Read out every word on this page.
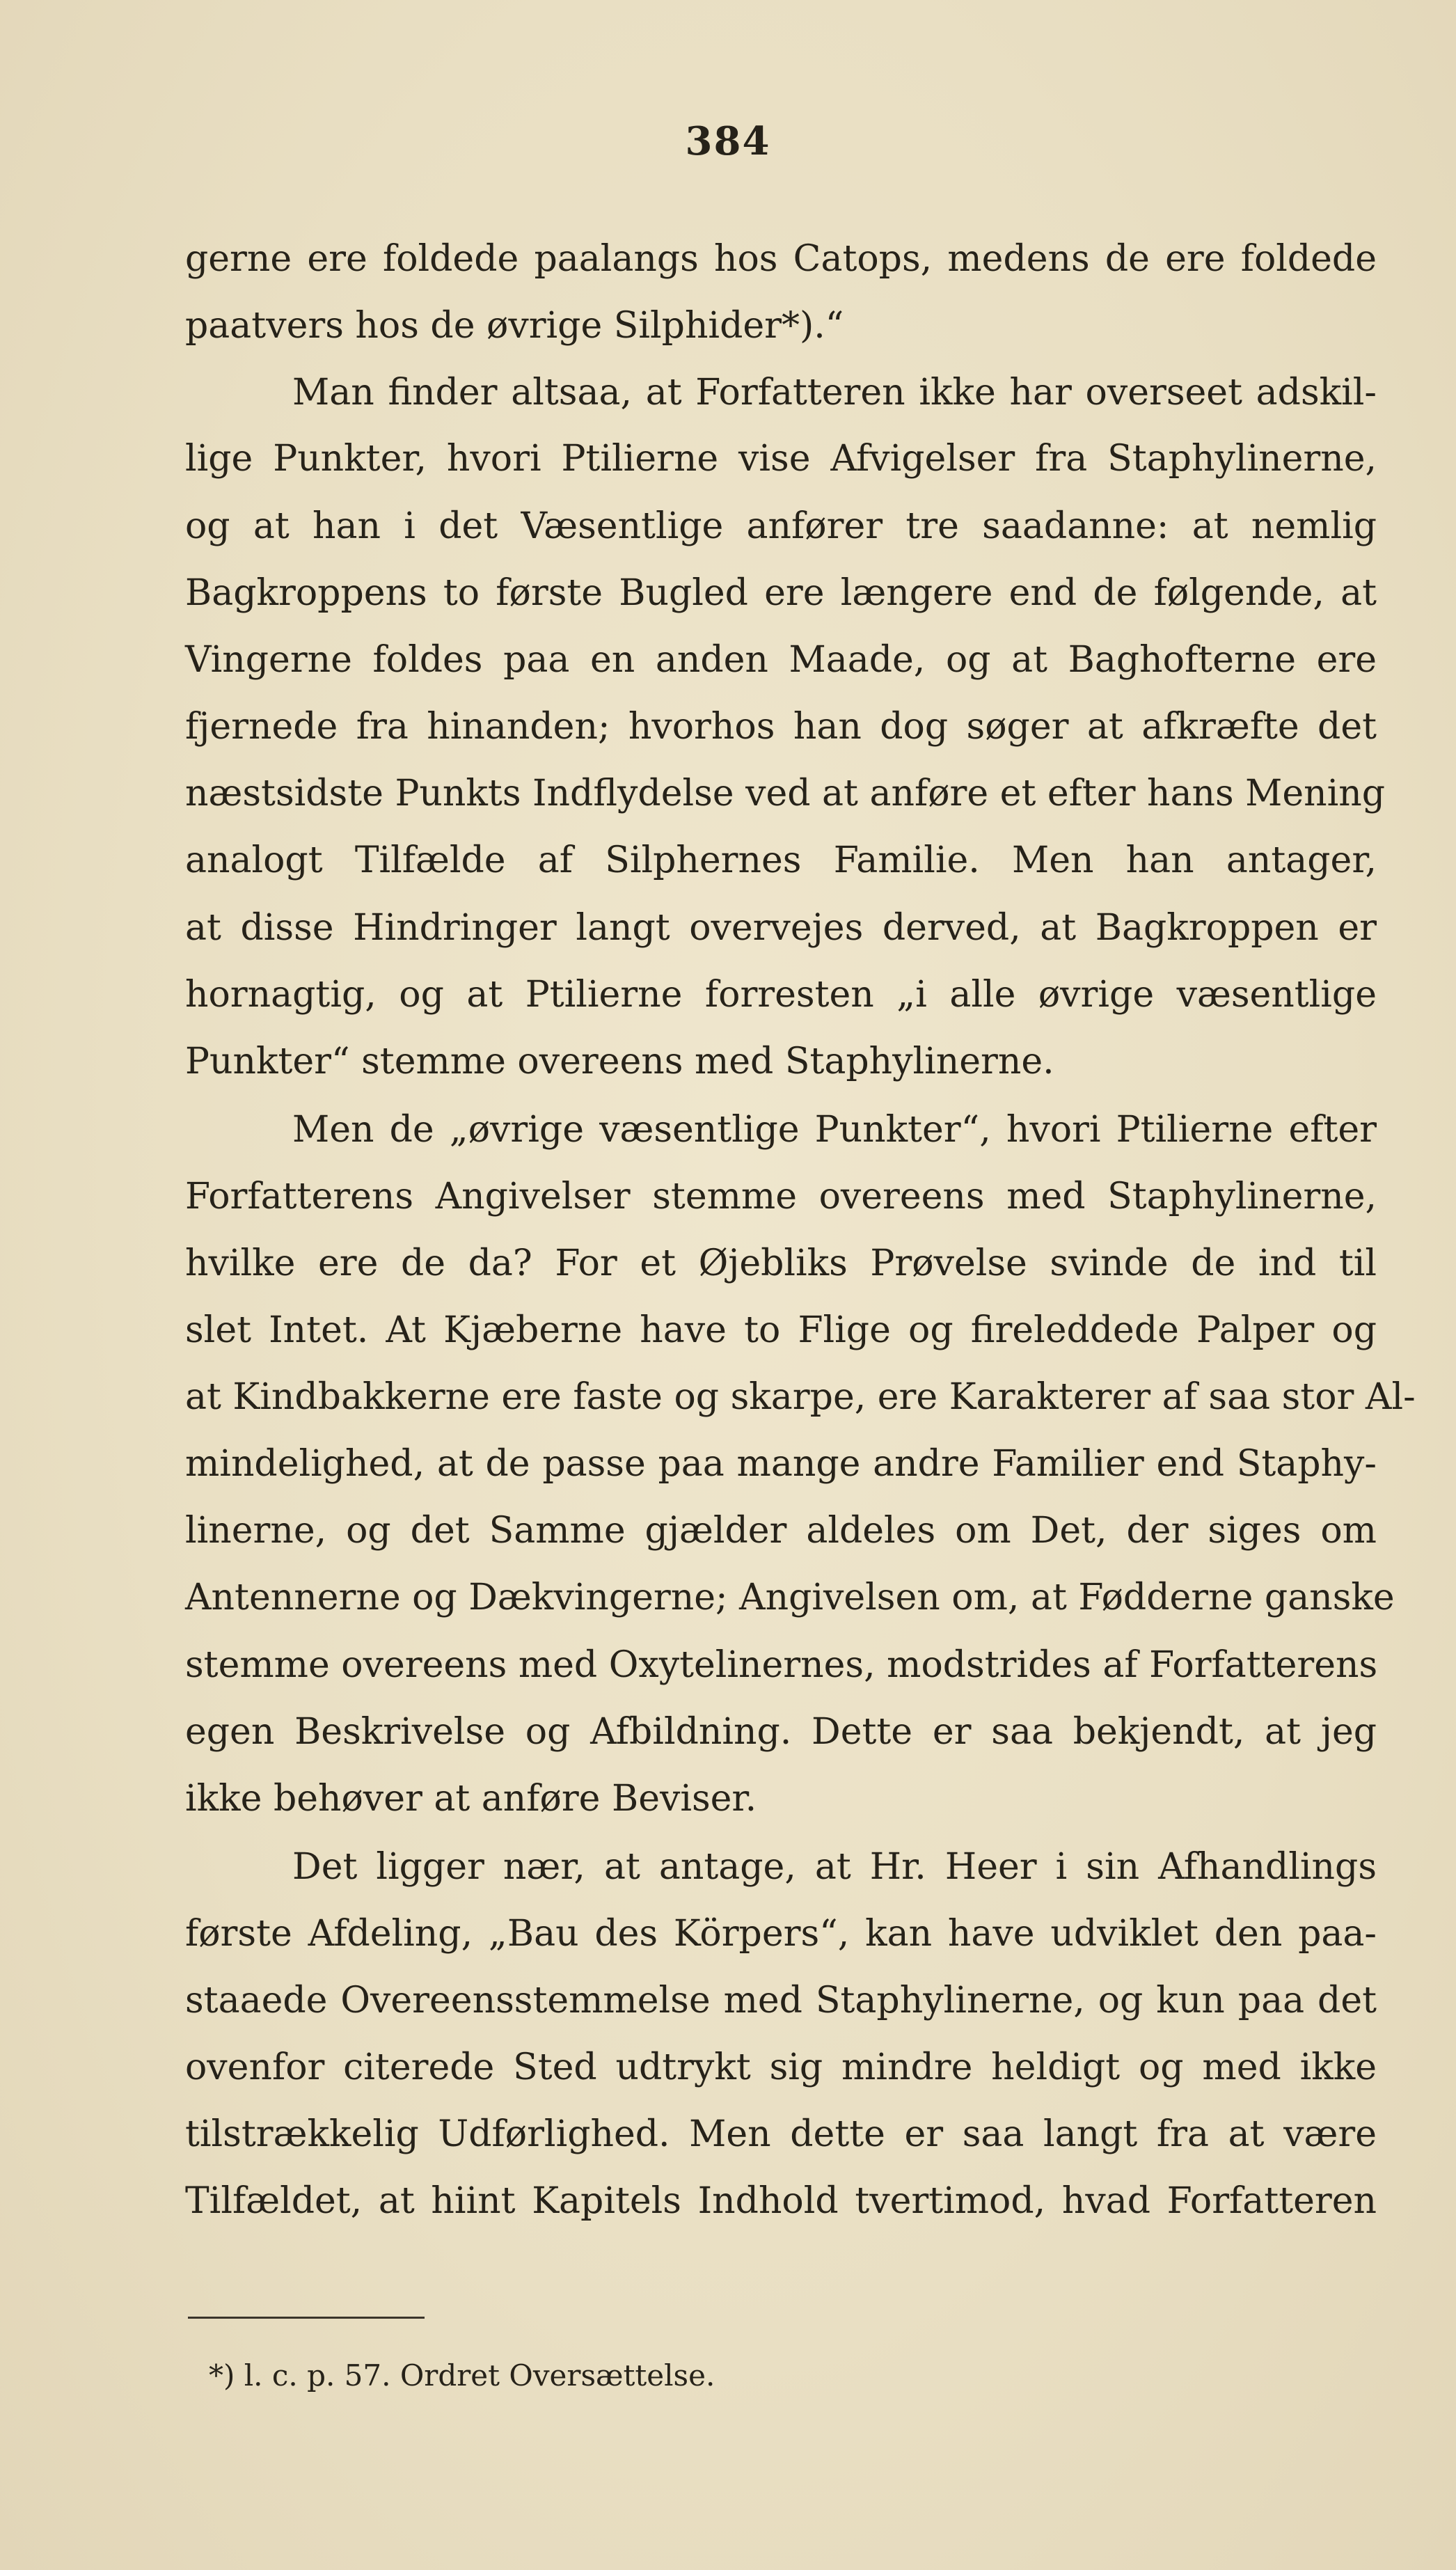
384
gerne ere foldede paalangs hos Catops, medens de ere foldede
paatvers hos de øvrige Silphider*).“
Man finder altsaa, at Forfatteren ikke har overseet adskil-
lige Punkter, hvori Ptilierne vise Afvigelser fra Staphylinerne,
og at han i det Væsentlige anfører tre saadanne: at nemlig
Bagkroppens to første Bugled ere længere end de følgende, at
Vingerne foldes paa en anden Maade, og at Baghofterne ere
fjernede fra hinanden; hvorhos han dog søger at afkræfte det
næstsidste Punkts Indflydelse ved at anføre et efter hans Mening
analogt Tilfælde af Silphernes Familie. Men han antager,
at disse Hindringer langt overvejes derved, at Bagkroppen er
hornagtig, og at Ptilierne forresten „i alle øvrige væsentlige
Punkter“ stemme overeens med Staphylinerne.
Men de „øvrige væsentlige Punkter“, hvori Ptilierne efter
Forfatterens Angivelser stemme overeens med Staphylinerne,
hvilke ere de da? For et Øjebliks Prøvelse svinde de ind til
slet Intet. At Kjæberne have to Flige og fireleddede Palper og
at Kindbakkerne ere faste og skarpe, ere Karakterer af saa stor Al-
mindelighed, at de passe paa mange andre Familier end Staphy-
linerne, og det Samme gjælder aldeles om Det, der siges om
Antennerne og Dækvingerne; Angivelsen om, at Fødderne ganske
stemme overeens med Oxytelinernes, modstrides af Forfatterens
egen Beskrivelse og Afbildning. Dette er saa bekjendt, at jeg
ikke behøver at anføre Beviser.
Det ligger nær, at antage, at Hr. Heer i sin Afhandlings
første Afdeling, „Bau des Körpers“, kan have udviklet den paa-
staaede Overeensstemmelse med Staphylinerne, og kun paa det
ovenfor citerede Sted udtrykt sig mindre heldigt og med ikke
tilstrækkelig Udførlighed. Men dette er saa langt fra at være
Tilfældet, at hiint Kapitels Indhold tvertimod, hvad Forfatteren
*) l. c. p. 57. Ordret Oversættelse.
